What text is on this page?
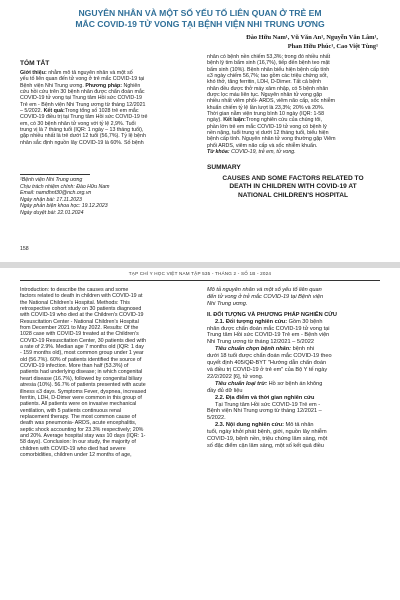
NGUYÊN NHÂN VÀ MỘT SỐ YẾU TỐ LIÊN QUAN Ở TRẺ EM
MẮC COVID-19 TỬ VONG TẠI BỆNH VIỆN NHI TRUNG ƯƠNG
Đào Hữu Nam¹, Vũ Văn An¹, Nguyễn Văn Lâm¹,
Phan Hữu Phúc¹, Cao Việt Tùng¹
TÓM TẮT
Giới thiệu: nhằm mô tả nguyên nhân và một số
yếu tố liên quan đến tử vong ở trẻ mắc COVID-19 tại
Bệnh viện Nhi Trung ương. Phương pháp: Nghiên
cứu hồi cứu trên 30 bệnh nhân được chẩn đoán mắc
COVID-19 tử vong tại Trung tâm Hồi sức COVID-19
Trẻ em - Bệnh viện Nhi Trung ương từ tháng 12/2021
– 5/2022. Kết quả:Trong tổng số 1028 trẻ em mắc
COVID-19 điều trị tại Trung tâm Hồi sức COVID-19 trẻ
em, có 30 bệnh nhân tử vong với tỷ lệ 2,9%. Tuổi
trung vị là 7 tháng tuổi (IQR: 1 ngày – 13 tháng tuổi),
gặp nhiều nhất là trẻ dưới 12 tuổi (56,7%). Tỷ lệ bệnh
nhân sắc định nguồn lây COVID-19 là 60%. Số bệnh
¹Bệnh viện Nhi Trung ương
Chịu trách nhiệm chính: Đào Hữu Nam
Email: namdhnt30@nch.org.vn
Ngày nhận bài: 17.11.2023
Ngày phản biện khoa học: 19.12.2023
Ngày duyệt bài: 22.01.2024
158
nhân có bệnh nền chiếm 53,3%; trong đó nhiều nhất
bệnh lý tim bẩm sinh (16,7%), tiếp đến bệnh teo mật
bẩm sinh (10%). Bệnh nhân biểu hiện bệnh cấp tính
≤3 ngày chiếm 56,7%; tao gồm các triệu chứng sốt,
khó thở, tăng ferritin, LDH, D-Dimer. Tất cả bệnh
nhân đều được thở máy xâm nhập, có 5 bệnh nhân
được lọc máu liên tục. Nguyên nhân tử vong gặp
nhiều nhất viêm phổi- ARDS, viêm não cấp, sốc nhiễm
khuẩn chiếm tỷ lệ lần lượt là 23,3%; 20% và 20%.
Thời gian nằm viện trung bình 10 ngày (IQR: 1-58
ngày). Kết luận:Trong nghiên cứu của chúng tôi,
phần lớn trẻ em mắc COVID-19 tử vong có bệnh lý
nền nặng, tuổi trung vị dưới 12 tháng tuổi, biểu hiện
bệnh cấp tính. Nguyên nhân tử vong thường gặp Viêm
phổi ARDS, viêm não cấp và sốc nhiễm khuẩn.
Từ khóa: COVID-19, trẻ em, tử vong.
SUMMARY
CAUSES AND SOME FACTORS RELATED TO
DEATH IN CHILDREN WITH COVID-19 AT
NATIONAL CHILDREN'S HOSPITAL
TẠP CHÍ Y HỌC VIỆT NAM TẬP 535 - THÁNG 2 - SỐ 1B - 2024
Introduction: to describe the causes and some
factors related to death in children with COVID-19 at
the National Children's Hospital. Methods: This
retrospective cohort study on 30 patients diagnosed
with COVID-19 who died at the Children's COVID-19
Resuscitation Center - National Children's Hospital
from December 2021 to May 2022. Results: Of the
1028 case with COVID-19 treated at the Children's
COVID-19 Resuscitation Center, 30 patients died with
a rate of 2.9%. Median age 7 months old (IQR: 1 day
- 159 months old), most common group under 1 year
old (56.7%). 60% of patients identified the source of
COVID-19 infection. More than half (53.3%) of
patients had underlying disease; in which congenital
heart disease (16.7%), followed by congenital biliary
atresia (10%). 56.7% of patients presented with acute
illness ≤3 days. Symptoms Fever, dyspnea, increased
ferritin, LDH, D-Dimer were common in this group of
patients. All patients were on invasive mechanical
ventilation, with 5 patients continuous renal
replacement therapy. The most common cause of
death was pneumonia- ARDS, acute encephalitis,
septic shock accounting for 23.3% respectively; 20%
and 20%. Average hospital stay was 10 days (IQR: 1-
58 days). Conclusion: In our study, the majority of
children with COVID-19 who died had severe
comorbidities, children under 12 months of age,
Mô tả nguyên nhân và một số yếu tố liên quan
đến tử vong ở trẻ mắc COVID-19 tại Bệnh viện
Nhi Trung ương.
II. ĐỐI TƯỢNG VÀ PHƯƠNG PHÁP NGHIÊN CỨU
2.1. Đối tượng nghiên cứu: Gồm 30 bệnh
nhân được chẩn đoán mắc COVID-19 tử vong tại
Trung tâm Hồi sức COVID-19 Trẻ em - Bệnh viện
Nhi Trung ương từ tháng 12/2021 – 5/2022
Tiêu chuẩn chọn bệnh nhân: bệnh nhi
dưới 18 tuổi được chẩn đoán mắc COVID-19 theo
quyết định 405/QĐ-BYT "Hướng dẫn chẩn đoán
và điều trị COVID-19 ở trẻ em" của Bộ Y tế ngày
22/2/2022 [6], tử vong.
Tiêu chuẩn loại trừ: Hồ sơ bệnh án không
đầy đủ dữ liệu
2.2. Địa điểm và thời gian nghiên cứu
Tại Trung tâm Hồi sức COVID-19 Trẻ em -
Bệnh viện Nhi Trung ương từ tháng 12/2021 –
5/2022.
2.3. Nội dung nghiên cứu: Mô tả nhân
tuổi, ngày khởi phát bệnh, giới, nguồn lây nhiễm
COVID-19, bệnh nền, triệu chứng lâm sàng, một
số đặc điểm cận lâm sàng, một số kết quả điều
